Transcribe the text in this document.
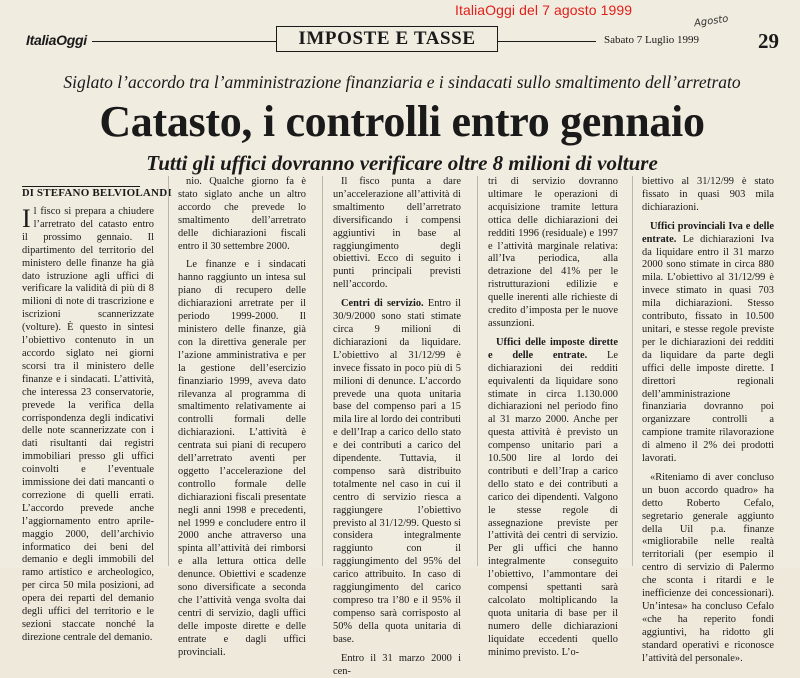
ItaliaOggi del 7 agosto 1999
Agosto
ItaliaOggi	IMPOSTE E TASSE	Sabato 7 Luglio 1999	29
Siglato l’accordo tra l’amministrazione finanziaria e i sindacati sullo smaltimento dell’arretrato
Catasto, i controlli entro gennaio
Tutti gli uffici dovranno verificare oltre 8 milioni di volture
DI STEFANO BELVIOLANDI

Il fisco si prepara a chiudere l’arretrato del catasto entro il prossimo gennaio. Il dipartimento del territorio del ministero delle finanze ha già dato istruzione agli uffici di verificare la validità di più di 8 milioni di note di trascrizione e iscrizioni scannerizzate (volture). È questo in sintesi l’obiettivo contenuto in un accordo siglato nei giorni scorsi tra il ministero delle finanze e i sindacati. L’attività, che interessa 23 conservatorie, prevede la verifica della corrispondenza degli indicativi delle note scannerizzate con i dati risultanti dai registri immobiliari presso gli uffici coinvolti e l’eventuale immissione dei dati mancanti o correzione di quelli errati. L’accordo prevede anche l’aggiornamento entro aprile-maggio 2000, dell’archivio informatico dei beni del demanio e degli immobili del ramo artistico e archeologico, per circa 50 mila posizioni, ad opera dei reparti del demanio degli uffici del territorio e le sezioni staccate nonché la direzione centrale del demanio.

nio. Qualche giorno fa è stato siglato anche un altro accordo che prevede lo smaltimento dell’arretrato delle dichiarazioni fiscali entro il 30 settembre 2000.

Le finanze e i sindacati hanno raggiunto un intesa sul piano di recupero delle dichiarazioni arretrate per il periodo 1999-2000. Il ministero delle finanze, già con la direttiva generale per l’azione amministrativa e per la gestione dell’esercizio finanziario 1999, aveva dato rilevanza al programma di smaltimento relativamente ai controlli formali delle dichiarazioni. L’attività è centrata sui piani di recupero dell’arretrato aventi per oggetto l’accelerazione del controllo formale delle dichiarazioni fiscali presentate negli anni 1998 e precedenti, nel 1999 e concludere entro il 2000 anche attraverso una spinta all’attività dei rimborsi e alla lettura ottica delle denunce. Obiettivi e scadenze sono diversificate a seconda che l’attività venga svolta dai centri di servizio, dagli uffici delle imposte dirette e delle entrate e dagli uffici provinciali.

Il fisco punta a dare un’accelerazione all’attività di smaltimento dell’arretrato diversificando i compensi aggiuntivi in base al raggiungimento degli obiettivi. Ecco di seguito i punti principali previsti nell’accordo.

Centri di servizio. Entro il 30/9/2000 sono stati stimate circa 9 milioni di dichiarazioni da liquidare. L’obiettivo al 31/12/99 è invece fissato in poco più di 5 milioni di denunce. L’accordo prevede una quota unitaria base del compenso pari a 15 mila lire al lordo dei contributi e dell’Irap a carico dello stato e dei contributi a carico del dipendente. Tuttavia, il compenso sarà distribuito totalmente nel caso in cui il centro di servizio riesca a raggiungere l’obiettivo previsto al 31/12/99. Questo si considera integralmente raggiunto con il raggiungimento del 95% del carico attribuito. In caso di raggiungimento del carico compreso tra l’80 e il 95% il compenso sarà corrisposto al 50% della quota unitaria di base.

Entro il 31 marzo 2000 i cen-

tri di servizio dovranno ultimare le operazioni di acquisizione tramite lettura ottica delle dichiarazioni dei redditi 1996 (residuale) e 1997 e l’attività marginale relativa: all’Iva periodica, alla detrazione del 41% per le ristrutturazioni edilizie e quelle inerenti alle richieste di credito d’imposta per le nuove assunzioni.

Uffici delle imposte dirette e delle entrate. Le dichiarazioni dei redditi equivalenti da liquidare sono stimate in circa 1.130.000 dichiarazioni nel periodo fino al 31 marzo 2000. Anche per questa attività è previsto un compenso unitario pari a 10.500 lire al lordo dei contributi e dell’Irap a carico dello stato e dei contributi a carico dei dipendenti. Valgono le stesse regole di assegnazione previste per l’attività dei centri di servizio. Per gli uffici che hanno integralmente conseguito l’obiettivo, l’ammontare dei compensi spettanti sarà calcolato moltiplicando la quota unitaria di base per il numero delle dichiarazioni liquidate eccedenti quello minimo previsto. L’o-

biettivo al 31/12/99 è stato fissato in quasi 903 mila dichiarazioni.

Uffici provinciali Iva e delle entrate. Le dichiarazioni Iva da liquidare entro il 31 marzo 2000 sono stimate in circa 880 mila. L’obiettivo al 31/12/99 è invece stimato in quasi 703 mila dichiarazioni. Stesso contributo, fissato in 10.500 unitari, e stesse regole previste per le dichiarazioni dei redditi da liquidare da parte degli uffici delle imposte dirette. I direttori regionali dell’amministrazione finanziaria dovranno poi organizzare controlli a campione tramite rilavorazione di almeno il 2% dei prodotti lavorati.

«Riteniamo di aver concluso un buon accordo quadro» ha detto Roberto Cefalo, segretario generale aggiunto della Uil p.a. finanze «migliorabile nelle realtà territoriali (per esempio il centro di servizio di Palermo che sconta i ritardi e le inefficienze dei concessionari). Un’intesa» ha concluso Cefalo «che ha reperito fondi aggiuntivi, ha ridotto gli standard operativi e riconosce l’attività del personale».
